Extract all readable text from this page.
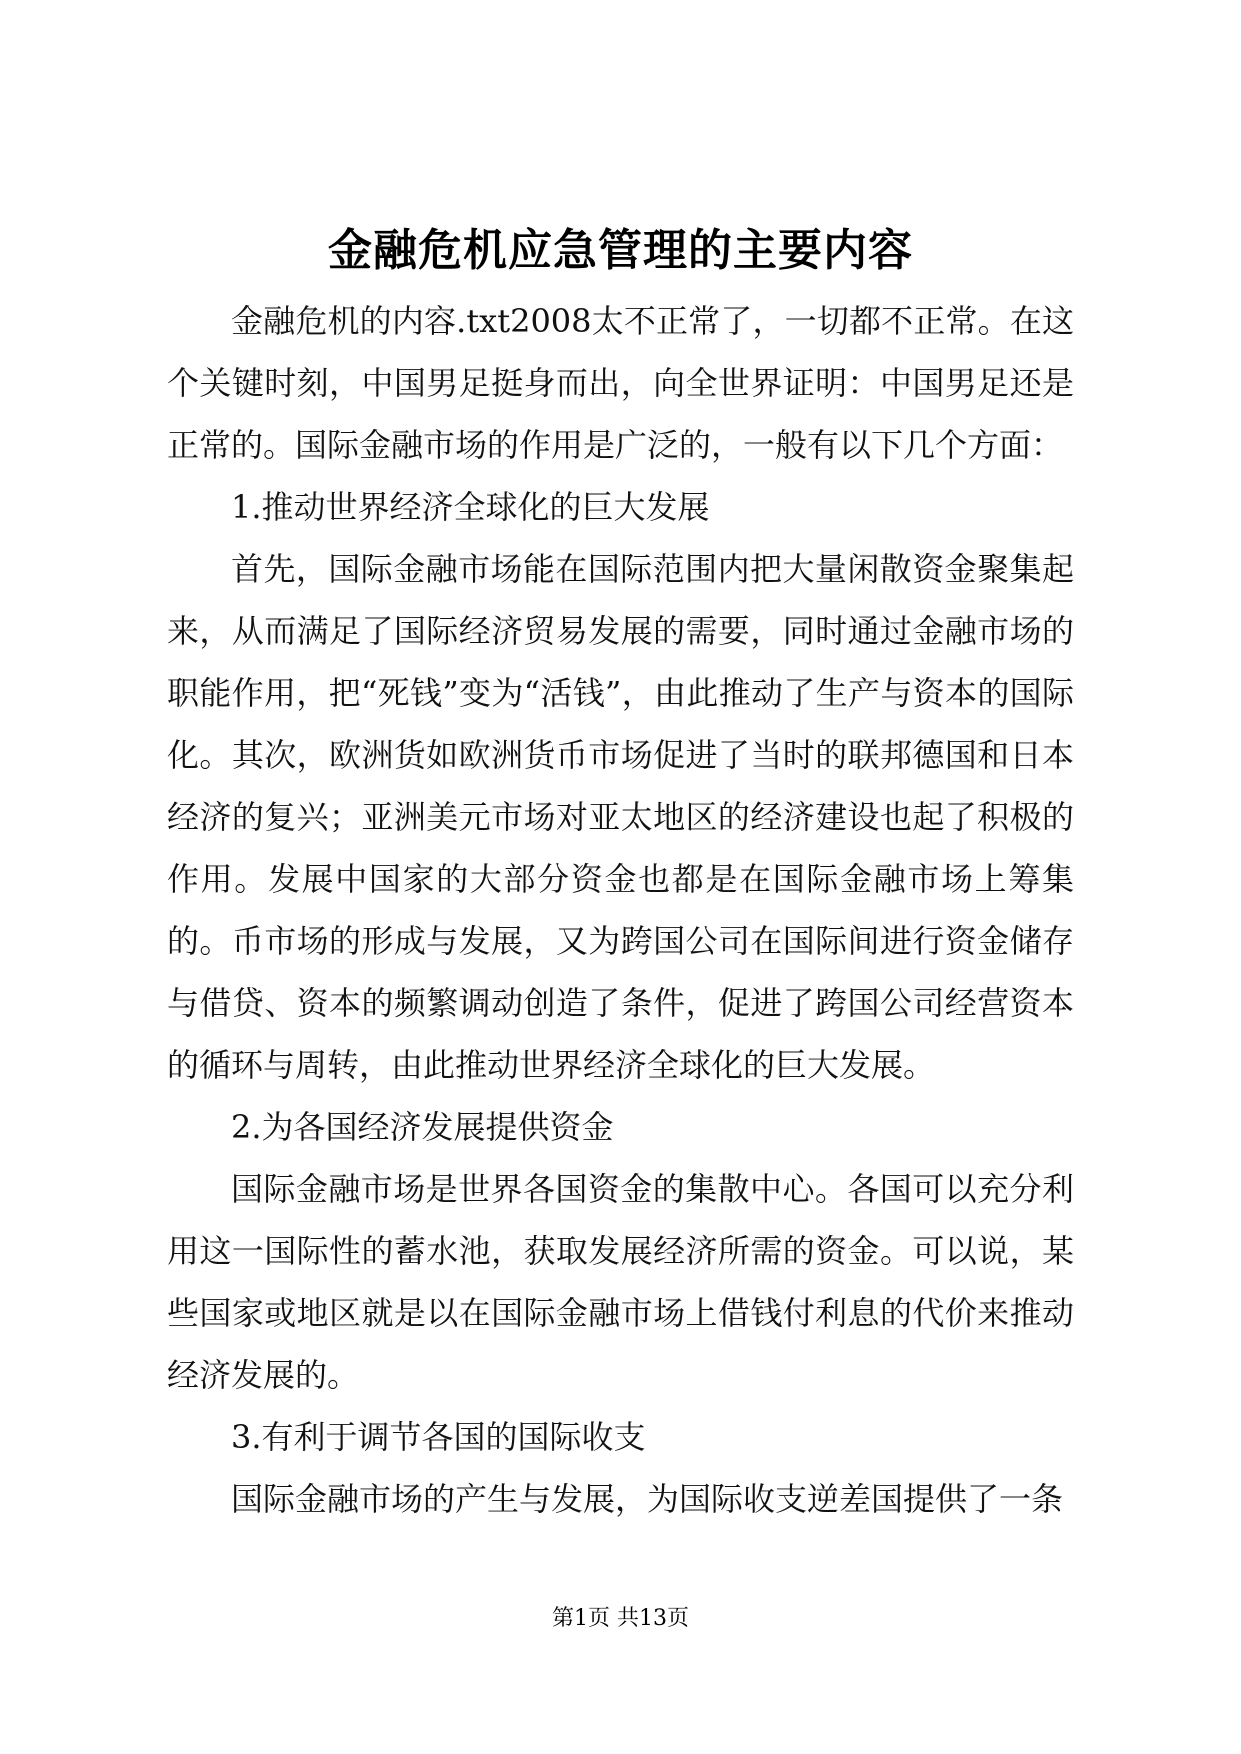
金融危机应急管理的主要内容

金融危机的内容.txt2008太不正常了，一切都不正常。在这个关键时刻，中国男足挺身而出，向全世界证明：中国男足还是正常的。国际金融市场的作用是广泛的，一般有以下几个方面：

1.推动世界经济全球化的巨大发展

首先，国际金融市场能在国际范围内把大量闲散资金聚集起来，从而满足了国际经济贸易发展的需要，同时通过金融市场的职能作用，把“死钱”变为“活钱”，由此推动了生产与资本的国际化。其次，欧洲货如欧洲货币市场促进了当时的联邦德国和日本经济的复兴；亚洲美元市场对亚太地区的经济建设也起了积极的作用。发展中国家的大部分资金也都是在国际金融市场上筹集的。币市场的形成与发展，又为跨国公司在国际间进行资金储存与借贷、资本的频繁调动创造了条件，促进了跨国公司经营资本的循环与周转，由此推动世界经济全球化的巨大发展。

2.为各国经济发展提供资金

国际金融市场是世界各国资金的集散中心。各国可以充分利用这一国际性的蓄水池，获取发展经济所需的资金。可以说，某些国家或地区就是以在国际金融市场上借钱付利息的代价来推动经济发展的。

3.有利于调节各国的国际收支

国际金融市场的产生与发展，为国际收支逆差国提供了一条

第1页 共13页
